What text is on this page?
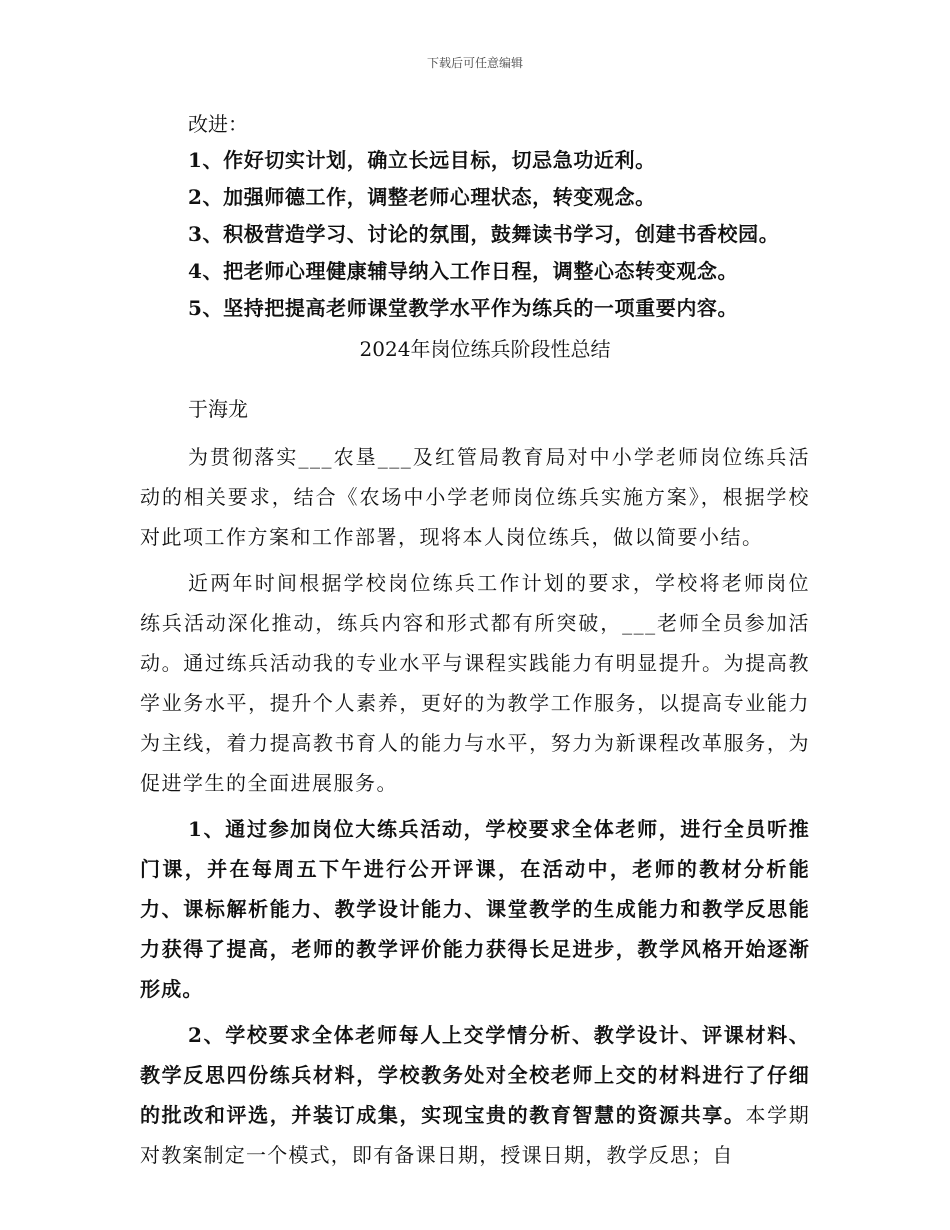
下载后可任意编辑

改进：

1、作好切实计划，确立长远目标，切忌急功近利。

2、加强师德工作，调整老师心理状态，转变观念。

3、积极营造学习、讨论的氛围，鼓舞读书学习，创建书香校园。

4、把老师心理健康辅导纳入工作日程，调整心态转变观念。

5、坚持把提高老师课堂教学水平作为练兵的一项重要内容。

2024年岗位练兵阶段性总结

于海龙

为贯彻落实___农垦___及红管局教育局对中小学老师岗位练兵活动的相关要求，结合《农场中小学老师岗位练兵实施方案》，根据学校对此项工作方案和工作部署，现将本人岗位练兵，做以简要小结。

近两年时间根据学校岗位练兵工作计划的要求，学校将老师岗位练兵活动深化推动，练兵内容和形式都有所突破，___老师全员参加活动。通过练兵活动我的专业水平与课程实践能力有明显提升。为提高教学业务水平，提升个人素养，更好的为教学工作服务，以提高专业能力为主线，着力提高教书育人的能力与水平，努力为新课程改革服务，为促进学生的全面进展服务。

1、通过参加岗位大练兵活动，学校要求全体老师，进行全员听推门课，并在每周五下午进行公开评课，在活动中，老师的教材分析能力、课标解析能力、教学设计能力、课堂教学的生成能力和教学反思能力获得了提高，老师的教学评价能力获得长足进步，教学风格开始逐渐形成。

2、学校要求全体老师每人上交学情分析、教学设计、评课材料、教学反思四份练兵材料，学校教务处对全校老师上交的材料进行了仔细的批改和评选，并装订成集，实现宝贵的教育智慧的资源共享。本学期对教案制定一个模式，即有备课日期，授课日期，教学反思；自
